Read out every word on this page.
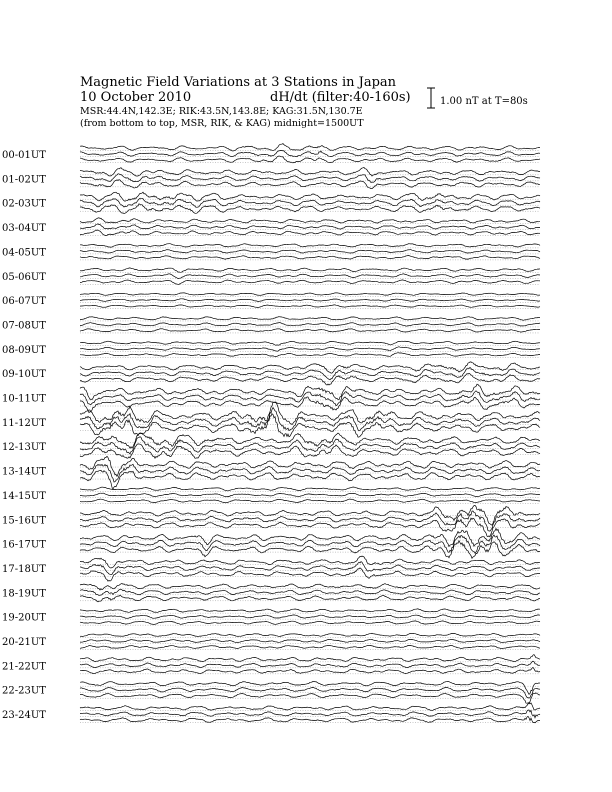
Magnetic Field Variations at 3 Stations in Japan
10 October 2010	dH/dt (filter:40-160s)
MSR:44.4N,142.3E; RIK:43.5N,143.8E; KAG:31.5N,130.7E
(from bottom to top, MSR, RIK, & KAG) midnight=1500UT
1.00 nT at T=80s
00-01UT
01-02UT
02-03UT
03-04UT
04-05UT
05-06UT
06-07UT
07-08UT
08-09UT
09-10UT
10-11UT
11-12UT
12-13UT
13-14UT
14-15UT
15-16UT
16-17UT
17-18UT
18-19UT
19-20UT
20-21UT
21-22UT
22-23UT
23-24UT
